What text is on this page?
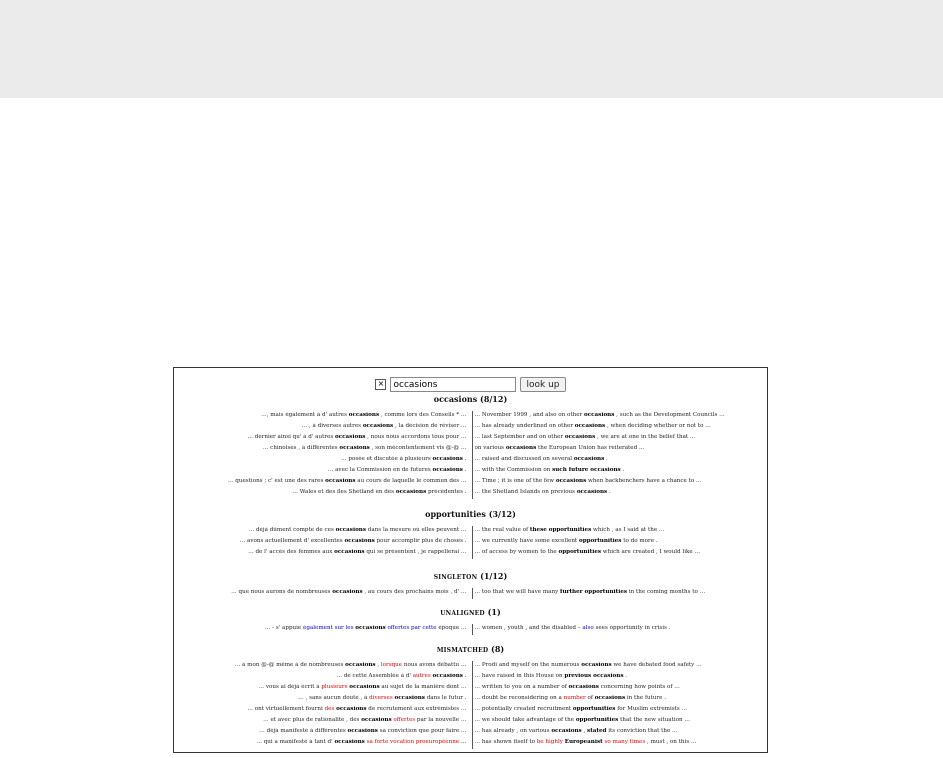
×
occasions	look up
occasions (8/12)
…, mais également à d' autres occasions , comme lors des Conseils * … … November 1999 , and also on other occasions , such as the Development Councils …
… , à diverses autres occasions , la décision de réviser … … has already underlined on other occasions , when deciding whether or not to …
… dernier ainsi qu' à d' autres occasions , nous nous accordons tous pour … … last September and on other occasions , we are at one in the belief that …
… chinoises , à différentes occasions , son mécontentement vis @-@ … on various occasions the European Union has reiterated …
… posée et discutée à plusieurs occasions . … raised and discussed on several occasions .
… avec la Commission en de futures occasions . … with the Commission on such future occasions .
… questions ; c' est une des rares occasions au cours de laquelle le commun des … … Time ; it is one of the few occasions when backbenchers have a chance to …
… Wales et des îles Shetland en des occasions précédentes . … the Shetland Islands on previous occasions .
opportunities (3/12)
… déjà dûment compte de ces occasions dans la mesure où elles peuvent … … the real value of these opportunities which , as I said at the …
… avons actuellement d' excellentes occasions pour accomplir plus de choses . … we currently have some excellent opportunities to do more .
… de l' accès des femmes aux occasions qui se présentent , je rappellerai … … of access by women to the opportunities which are created , I would like …
SINGLETON (1/12)
… que nous aurons de nombreuses occasions , au cours des prochains mois , d' … … too that we will have many further opportunities in the coming months to …
UNALIGNED (1)
… - s' appuie également sur les occasions offertes par cette époque … … women , youth , and the disabled – also sees opportunity in crisis .
MISMATCHED (8)
… à mon @-@ même à de nombreuses occasions , lorsque nous avons débattu … … Prodi and myself on the numerous occasions we have debated food safety …
… de cette Assemblée à d' autres occasions . … have raised in this House on previous occasions .
… vous ai déjà écrit à plusieurs occasions au sujet de la manière dont … … written to you on a number of occasions concerning how points of …
… , sans aucun doute , à diverses occasions dans le futur . … doubt be reconsidering on a number of occasions in the future .
… ont virtuellement fourni des occasions de recrutement aux extrémistes … … potentially created recruitment opportunities for Muslim extremists …
… et avec plus de rationalité , des occasions offertes par la nouvelle … … we should take advantage of the opportunities that the new situation …
… déjà manifesté à différentes occasions sa conviction que pour faire … … has already , on various occasions , stated its conviction that the …
… qui a manifesté à tant d' occasions sa forte vocation proeuropéenne … … has shown itself to be highly Europeanist so many times , must , on this …
